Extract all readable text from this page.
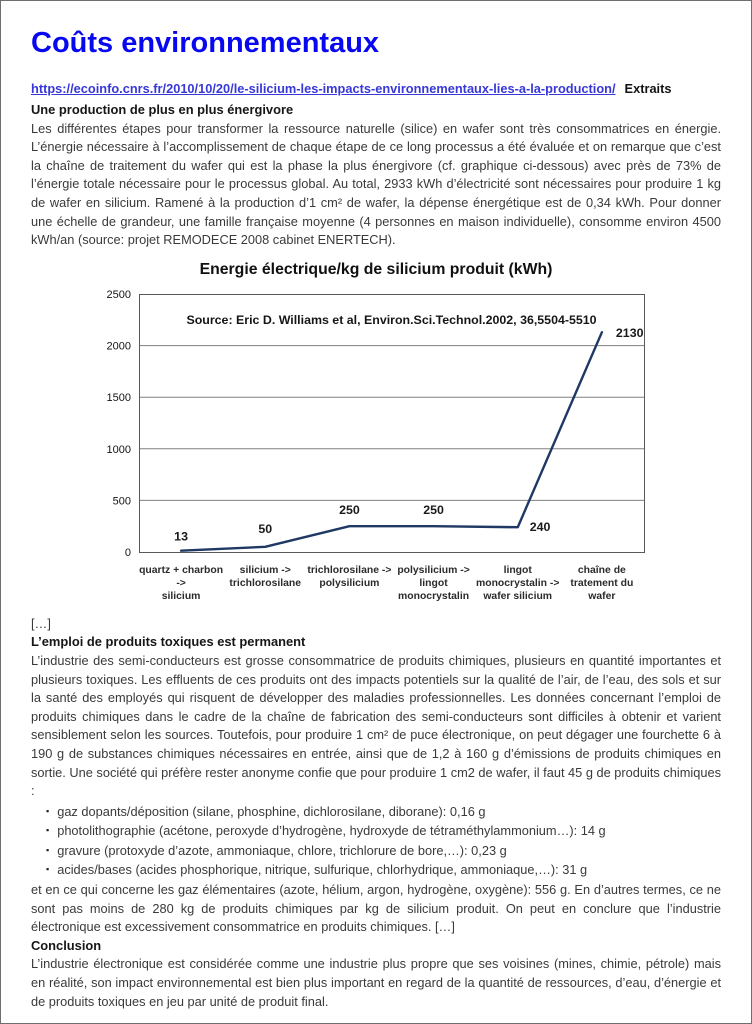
Coûts environnementaux
https://ecoinfo.cnrs.fr/2010/10/20/le-silicium-les-impacts-environnementaux-lies-a-la-production/ Extraits
Une production de plus en plus énergivore

Les différentes étapes pour transformer la ressource naturelle (silice) en wafer sont très consommatrices en énergie. L’énergie nécessaire à l’accomplissement de chaque étape de ce long processus a été évaluée et on remarque que c’est la chaîne de traitement du wafer qui est la phase la plus énergivore (cf. graphique ci-dessous) avec près de 73% de l’énergie totale nécessaire pour le processus global. Au total, 2933 kWh d’électricité sont nécessaires pour produire 1 kg de wafer en silicium. Ramené à la production d’1 cm² de wafer, la dépense énergétique est de 0,34 kWh. Pour donner une échelle de grandeur, une famille française moyenne (4 personnes en maison individuelle), consomme environ 4500 kWh/an (source: projet REMODECE 2008 cabinet ENERTECH).

Energie électrique/kg de silicium produit (kWh)
0
500
1000
1500
2000
2500
Source: Eric D. Williams et al, Environ.Sci.Technol.2002, 36,5504-5510
13
50
250	250
240
2130
quartz + charbon ->
silicium
silicium ->
trichlorosilane
trichlorosilane ->
polysilicium
polysilicium ->
lingot
monocrystalin
lingot
monocrystalin ->
wafer silicium
chaîne de
tratement du wafer

[…]

L’emploi de produits toxiques est permanent

L’industrie des semi-conducteurs est grosse consommatrice de produits chimiques, plusieurs en quantité importantes et plusieurs toxiques. Les effluents de ces produits ont des impacts potentiels sur la qualité de l’air, de l’eau, des sols et sur la santé des employés qui risquent de développer des maladies professionnelles. Les données concernant l’emploi de produits chimiques dans le cadre de la chaîne de fabrication des semi-conducteurs sont difficiles à obtenir et varient sensiblement selon les sources. Toutefois, pour produire 1 cm² de puce électronique, on peut dégager une fourchette 6 à 190 g de substances chimiques nécessaires en entrée, ainsi que de 1,2 à 160 g d’émissions de produits chimiques en sortie. Une société qui préfère rester anonyme confie que pour produire 1 cm2 de wafer, il faut 45 g de produits chimiques :

▪ gaz dopants/déposition (silane, phosphine, dichlorosilane, diborane): 0,16 g
▪ photolithographie (acétone, peroxyde d’hydrogène, hydroxyde de tétraméthylammonium…): 14 g
▪ gravure (protoxyde d’azote, ammoniaque, chlore, trichlorure de bore,…): 0,23 g
▪ acides/bases (acides phosphorique, nitrique, sulfurique, chlorhydrique, ammoniaque,…): 31 g

et en ce qui concerne les gaz élémentaires (azote, hélium, argon, hydrogène, oxygène): 556 g. En d’autres termes, ce ne sont pas moins de 280 kg de produits chimiques par kg de silicium produit. On peut en conclure que l’industrie électronique est excessivement consommatrice en produits chimiques. […]

Conclusion

L’industrie électronique est considérée comme une industrie plus propre que ses voisines (mines, chimie, pétrole) mais en réalité, son impact environnemental est bien plus important en regard de la quantité de ressources, d’eau, d’énergie et de produits toxiques en jeu par unité de produit final.
